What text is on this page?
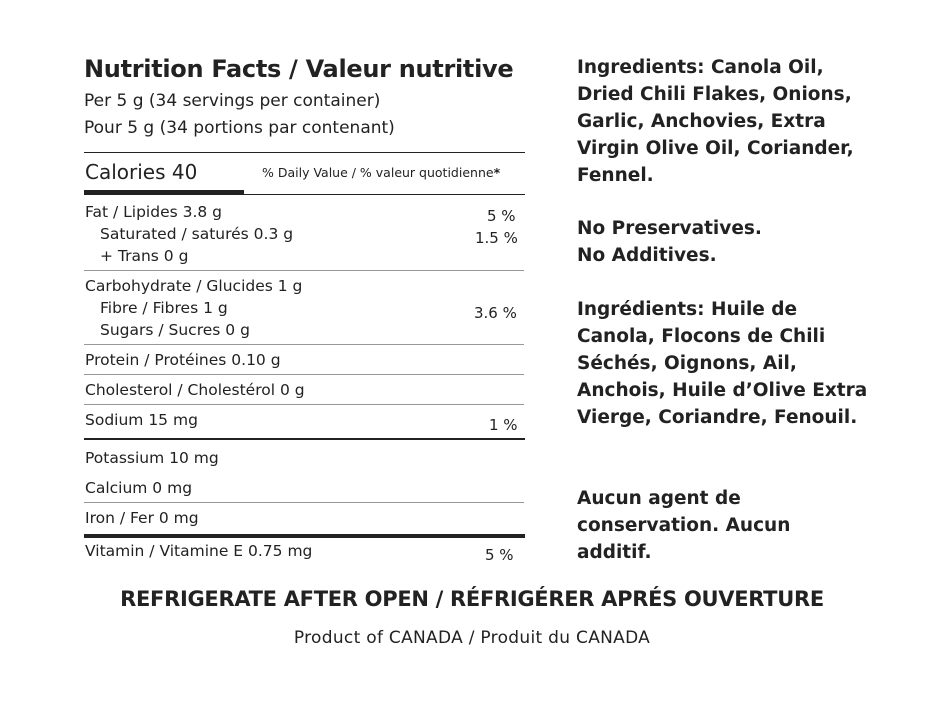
Nutrition Facts / Valeur nutritive
Per 5 g (34 servings per container)
Pour 5 g (34 portions par contenant)
Calories 40	% Daily Value / % valeur quotidienne*
Fat / Lipides 3.8 g	5 %
Saturated / saturés 0.3 g	1.5 %
+ Trans 0 g
Carbohydrate / Glucides 1 g
Fibre / Fibres 1 g	3.6 %
Sugars / Sucres 0 g
Protein / Protéines 0.10 g
Cholesterol / Cholestérol 0 g
Sodium 15 mg	1 %
Potassium 10 mg
Calcium 0 mg
Iron / Fer 0 mg
Vitamin / Vitamine E 0.75 mg	5 %
Ingredients: Canola Oil, Dried Chili Flakes, Onions, Garlic, Anchovies, Extra Virgin Olive Oil, Coriander, Fennel.
No Preservatives.
No Additives.
Ingrédients: Huile de Canola, Flocons de Chili Séchés, Oignons, Ail, Anchois, Huile d’Olive Extra Vierge, Coriandre, Fenouil.
Aucun agent de conservation. Aucun additif.
REFRIGERATE AFTER OPEN / RÉFRIGÉRER APRÉS OUVERTURE
Product of CANADA / Produit du CANADA
